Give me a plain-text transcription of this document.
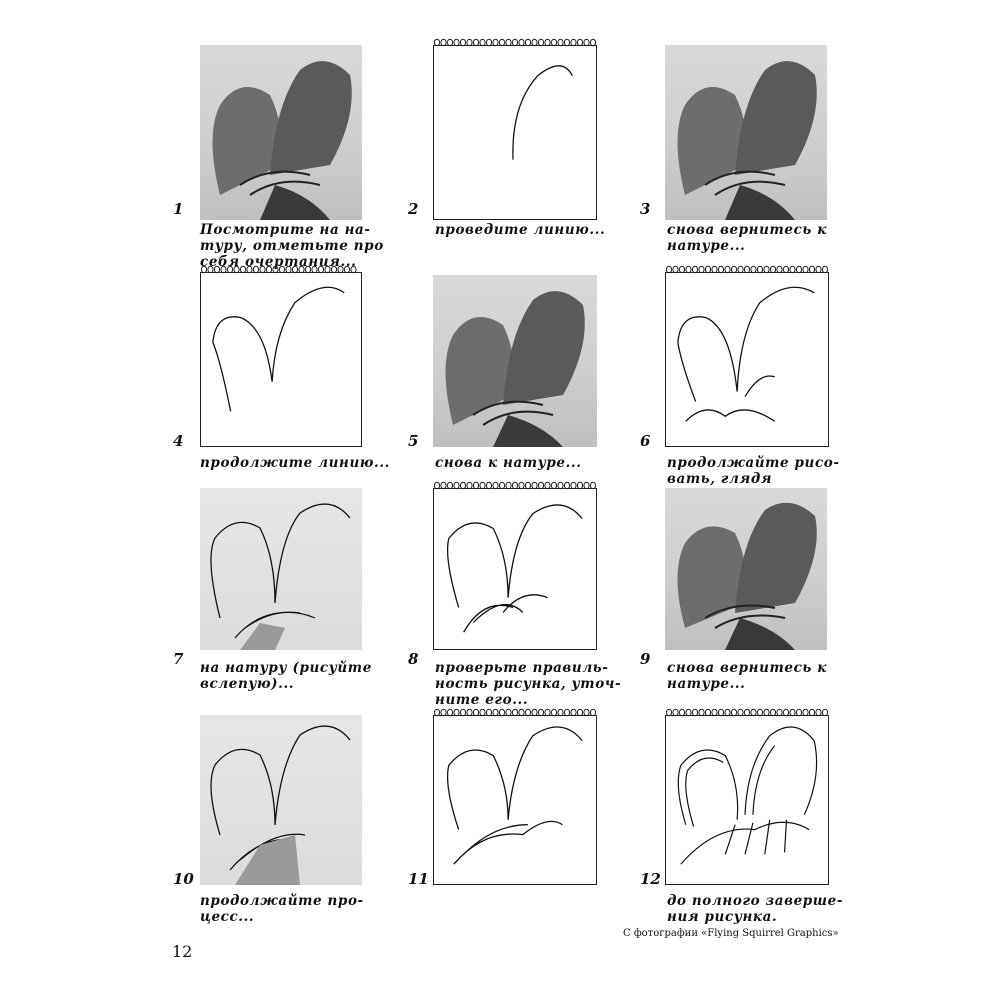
1
Посмотрите на на-
туру, отметьте про
себя очертания...
2
проведите линию...
3
снова вернитесь к
натуре...
4
продолжите линию...
5
снова к натуре...
6
продолжайте рисо-
вать, глядя
7 на натуру (рисуйте
вслепую)...
8 проверьте правиль-
ность рисунка, уточ-
ните его...
9 снова вернитесь к
натуре...
10
продолжайте про-
цесс...
11	12
до полного заверше-
ния рисунка.
С фотографии «Flying Squirrel Graphics»
12
